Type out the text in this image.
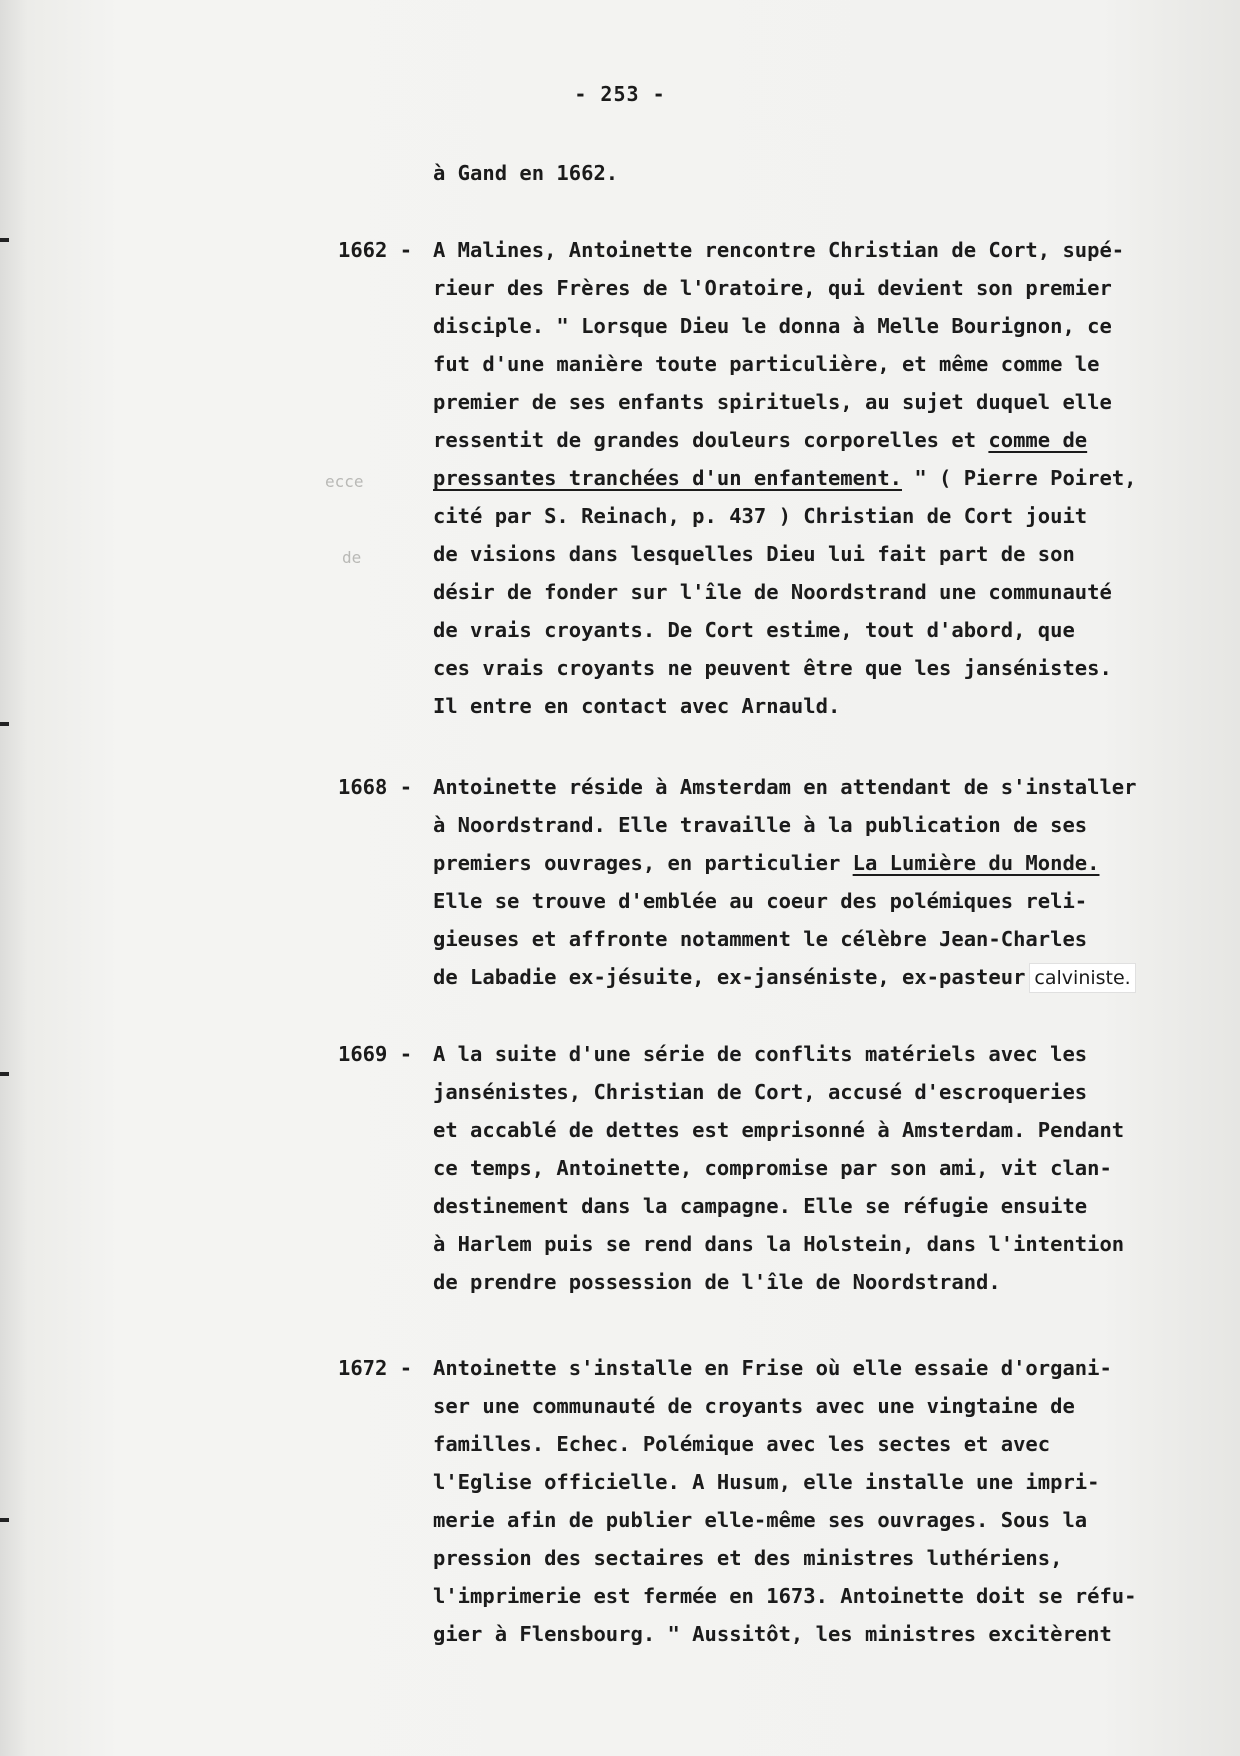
- 253 -
ecce
de
à Gand en 1662.
1662 - A Malines, Antoinette rencontre Christian de Cort, supé-
rieur des Frères de l'Oratoire, qui devient son premier
disciple. " Lorsque Dieu le donna à Melle Bourignon, ce
fut d'une manière toute particulière, et même comme le
premier de ses enfants spirituels, au sujet duquel elle
ressentit de grandes douleurs corporelles et comme de
pressantes tranchées d'un enfantement. " ( Pierre Poiret,
cité par S. Reinach, p. 437 ) Christian de Cort jouit
de visions dans lesquelles Dieu lui fait part de son
désir de fonder sur l'île de Noordstrand une communauté
de vrais croyants. De Cort estime, tout d'abord, que
ces vrais croyants ne peuvent être que les jansénistes.
Il entre en contact avec Arnauld.
1668 - Antoinette réside à Amsterdam en attendant de s'installer
à Noordstrand. Elle travaille à la publication de ses
premiers ouvrages, en particulier La Lumière du Monde.
Elle se trouve d'emblée au coeur des polémiques reli-
gieuses et affronte notamment le célèbre Jean-Charles
de Labadie ex-jésuite, ex-janséniste, ex-pasteur calviniste.
1669 - A la suite d'une série de conflits matériels avec les
jansénistes, Christian de Cort, accusé d'escroqueries
et accablé de dettes est emprisonné à Amsterdam. Pendant
ce temps, Antoinette, compromise par son ami, vit clan-
destinement dans la campagne. Elle se réfugie ensuite
à Harlem puis se rend dans la Holstein, dans l'intention
de prendre possession de l'île de Noordstrand.
1672 - Antoinette s'installe en Frise où elle essaie d'organi-
ser une communauté de croyants avec une vingtaine de
familles. Echec. Polémique avec les sectes et avec
l'Eglise officielle. A Husum, elle installe une impri-
merie afin de publier elle-même ses ouvrages. Sous la
pression des sectaires et des ministres luthériens,
l'imprimerie est fermée en 1673. Antoinette doit se réfu-
gier à Flensbourg. " Aussitôt, les ministres excitèrent
